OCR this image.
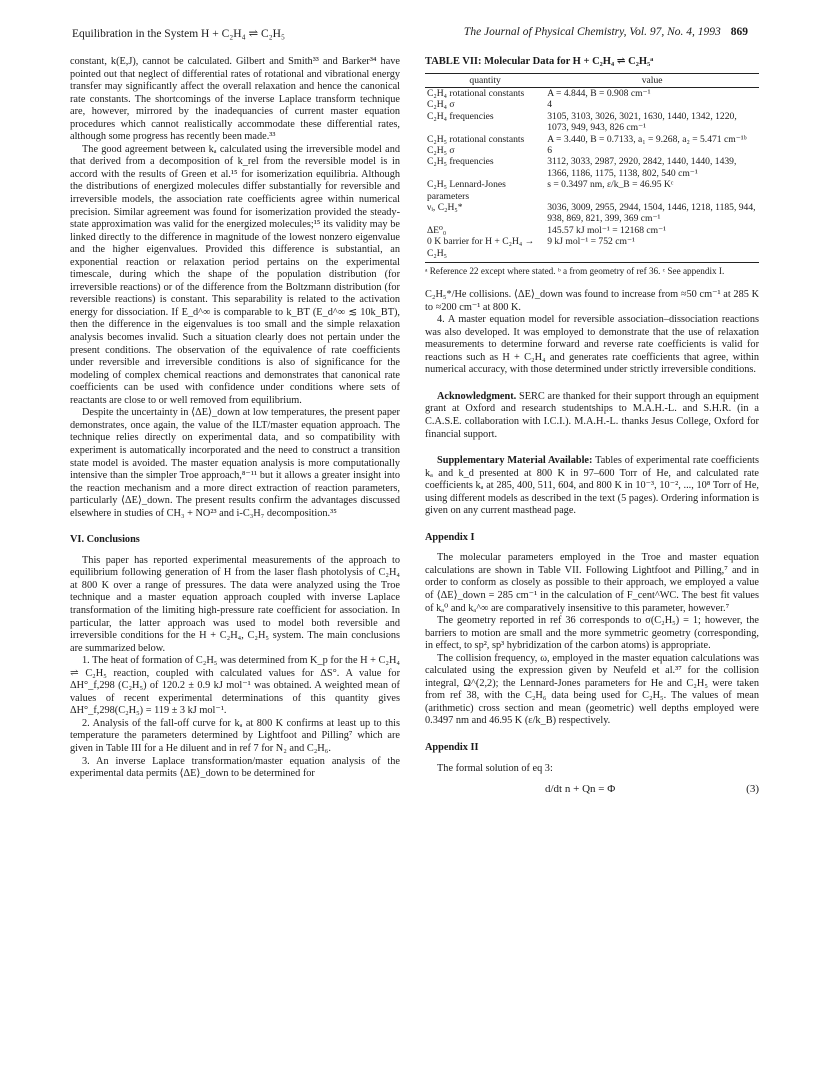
Equilibration in the System H + C₂H₄ ⇌ C₂H₅	The Journal of Physical Chemistry, Vol. 97, No. 4, 1993 869

constant, k(E,J), cannot be calculated. Gilbert and Smith³³ and Barker³⁴ have pointed out that neglect of differential rates of rotational and vibrational energy transfer may significantly affect the overall relaxation and hence the canonical rate constants. The shortcomings of the inverse Laplace transform technique are, however, mirrored by the inadequancies of current master equation procedures which cannot realistically accommodate these differential rates, although some progress has recently been made.³³

The good agreement between kₐ calculated using the irreversible model and that derived from a decomposition of k_rel from the reversible model is in accord with the results of Green et al.¹⁵ for isomerization equilibria. Although the distributions of energized molecules differ substantially for reversible and irreversible models, the association rate coefficients agree within numerical precision. Similar agreement was found for isomerization provided the steady-state approximation was valid for the energized molecules;¹⁵ its validity may be linked directly to the difference in magnitude of the lowest nonzero eigenvalue and the higher eigenvalues. Provided this difference is substantial, an exponential reaction or relaxation period pertains on the experimental timescale, during which the shape of the population distribution (for irreversible reactions) or of the difference from the Boltzmann distribution (for reversible reactions) is constant. This separability is related to the activation energy for dissociation. If E_d^∞ is comparable to k_BT (E_d^∞ ≲ 10k_BT), then the difference in the eigenvalues is too small and the simple relaxation analysis becomes invalid. Such a situation clearly does not pertain under the present conditions. The observation of the equivalence of rate coefficients under reversible and irreversible conditions is also of significance for the modeling of complex chemical reactions and demonstrates that canonical rate coefficients can be used with confidence under conditions where sets of reactants are close to or well removed from equilibrium.

Despite the uncertainty in ⟨ΔE⟩_down at low temperatures, the present paper demonstrates, once again, the value of the ILT/master equation approach. The technique relies directly on experimental data, and so compatibility with experiment is automatically incorporated and the need to construct a transition state model is avoided. The master equation analysis is more computationally intensive than the simpler Troe approach,⁸⁻¹¹ but it allows a greater insight into the reaction mechanism and a more direct extraction of reaction parameters, particularly ⟨ΔE⟩_down. The present results confirm the advantages discussed elsewhere in studies of CH₃ + NO²³ and i-C₃H₇ decomposition.³⁵

VI. Conclusions

This paper has reported experimental measurements of the approach to equilibrium following generation of H from the laser flash photolysis of C₂H₄ at 800 K over a range of pressures. The data were analyzed using the Troe technique and a master equation approach coupled with inverse Laplace transformation of the limiting high-pressure rate coefficient for association. In particular, the latter approach was used to model both reversible and irreversible conditions for the H + C₂H₄, C₂H₅ system. The main conclusions are summarized below.

1. The heat of formation of C₂H₅ was determined from K_p for the H + C₂H₄ ⇌ C₂H₅ reaction, coupled with calculated values for ΔS°. A value for ΔH°_f,298 (C₂H₅) of 120.2 ± 0.9 kJ mol⁻¹ was obtained. A weighted mean of values of recent experimental determinations of this quantity gives ΔH°_f,298(C₂H₅) = 119 ± 3 kJ mol⁻¹.

2. Analysis of the fall-off curve for kₐ at 800 K confirms at least up to this temperature the parameters determined by Lightfoot and Pilling⁷ which are given in Table III for a He diluent and in ref 7 for N₂ and C₂H₆.

3. An inverse Laplace transformation/master equation analysis of the experimental data permits ⟨ΔE⟩_down to be determined for

TABLE VII: Molecular Data for H + C₂H₄ ⇌ C₂H₅ᵃ
quantity	value
C₂H₄ rotational constants	A = 4.844, B = 0.908 cm⁻¹
C₂H₄ σ	4
C₂H₄ frequencies	3105, 3103, 3026, 3021, 1630, 1440, 1342, 1220, 1073, 949, 943, 826 cm⁻¹
C₂H₅ rotational constants	A = 3.440, B = 0.7133, a₁ = 9.268, a₂ = 5.471 cm⁻¹ᵇ
C₂H₅ σ	6
C₂H₅ frequencies	3112, 3033, 2987, 2920, 2842, 1440, 1440, 1439, 1366, 1186, 1175, 1138, 802, 540 cm⁻¹
C₂H₅ Lennard-Jones parameters	s = 0.3497 nm, ε/k_B = 46.95 Kᶜ
νᵢ, C₂H₅*	3036, 3009, 2955, 2944, 1504, 1446, 1218, 1185, 944, 938, 869, 821, 399, 369 cm⁻¹
ΔE⁰₀	145.57 kJ mol⁻¹ = 12168 cm⁻¹
0 K barrier for H + C₂H₄ → C₂H₅	9 kJ mol⁻¹ = 752 cm⁻¹
ᵃ Reference 22 except where stated. ᵇ a from geometry of ref 36. ᶜ See appendix I.

C₂H₅*/He collisions. ⟨ΔE⟩_down was found to increase from ≈50 cm⁻¹ at 285 K to ≈200 cm⁻¹ at 800 K.

4. A master equation model for reversible association–dissociation reactions was also developed. It was employed to demonstrate that the use of relaxation measurements to determine forward and reverse rate coefficients is valid for reactions such as H + C₂H₄ and generates rate coefficients that agree, within numerical accuracy, with those determined under strictly irreversible conditions.

Acknowledgment. SERC are thanked for their support through an equipment grant at Oxford and research studentships to M.A.H.-L. and S.H.R. (in a C.A.S.E. collaboration with I.C.I.). M.A.H.-L. thanks Jesus College, Oxford for financial support.

Supplementary Material Available: Tables of experimental rate coefficients kₐ and k_d presented at 800 K in 97–600 Torr of He, and calculated rate coefficients kₐ at 285, 400, 511, 604, and 800 K in 10⁻³, 10⁻², ..., 10⁸ Torr of He, using different models as described in the text (5 pages). Ordering information is given on any current masthead page.

Appendix I

The molecular parameters employed in the Troe and master equation calculations are shown in Table VII. Following Lightfoot and Pilling,⁷ and in order to conform as closely as possible to their approach, we employed a value of ⟨ΔE⟩_down = 285 cm⁻¹ in the calculation of F_cent^WC. The best fit values of kₐ⁰ and kₐ^∞ are comparatively insensitive to this parameter, however.⁷

The geometry reported in ref 36 corresponds to σ(C₂H₅) = 1; however, the barriers to motion are small and the more symmetric geometry (corresponding, in effect, to sp², sp³ hybridization of the carbon atoms) is appropriate.

The collision frequency, ω, employed in the master equation calculations was calculated using the expression given by Neufeld et al.³⁷ for the collision integral, Ω^(2,2); the Lennard-Jones parameters for He and C₂H₅ were taken from ref 38, with the C₂H₆ data being used for C₂H₅. The values of mean (arithmetic) cross section and mean (geometric) well depths employed were 0.3497 nm and 46.95 K (ε/k_B) respectively.

Appendix II

The formal solution of eq 3:

d/dt n + Qn = Φ	(3)
